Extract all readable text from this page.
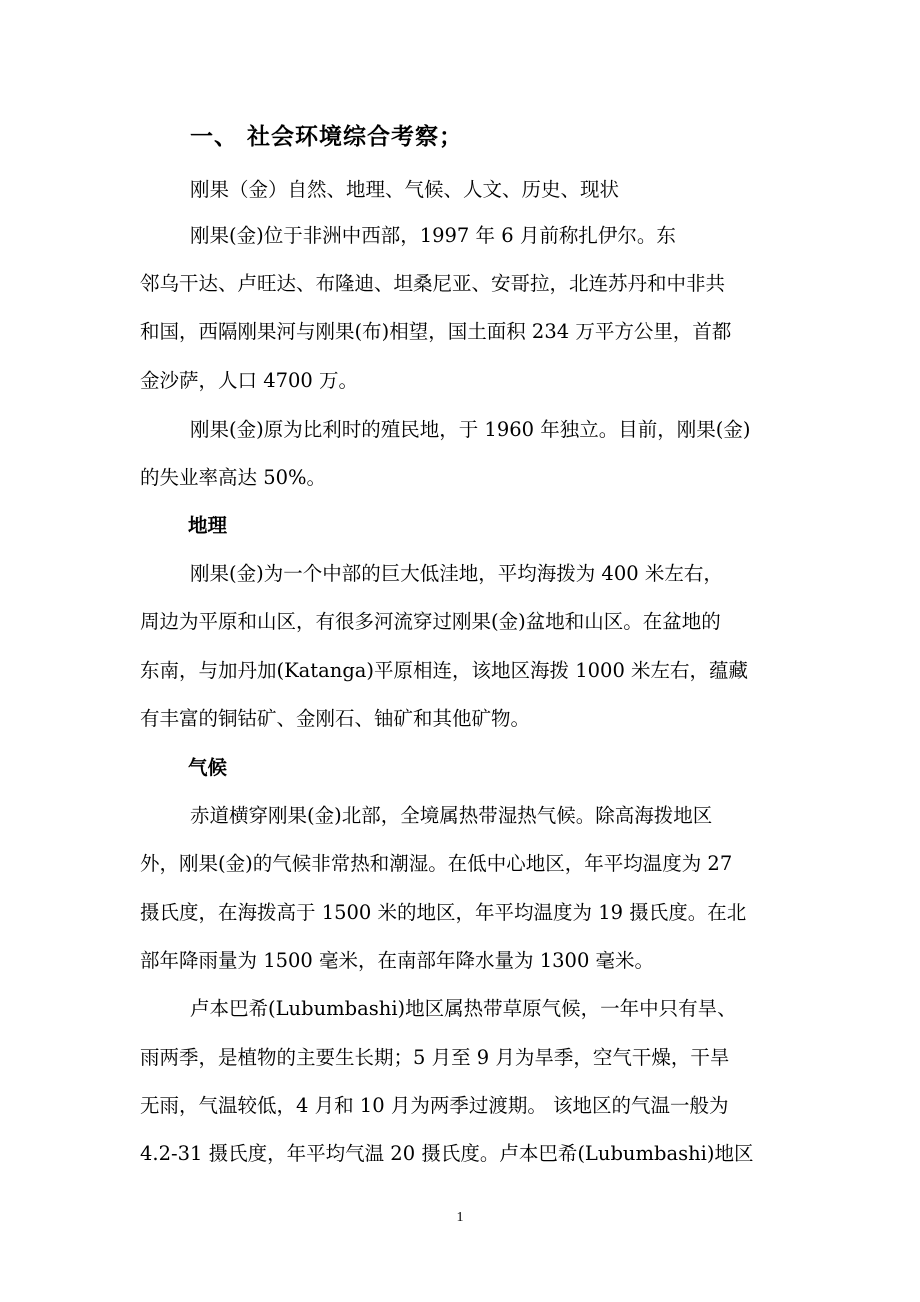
一、 社会环境综合考察；

刚果（金）自然、地理、气候、人文、历史、现状

刚果(金)位于非洲中西部，1997 年 6 月前称扎伊尔。东

邻乌干达、卢旺达、布隆迪、坦桑尼亚、安哥拉，北连苏丹和中非共

和国，西隔刚果河与刚果(布)相望，国土面积 234 万平方公里，首都

金沙萨，人口 4700 万。

刚果(金)原为比利时的殖民地，于 1960 年独立。目前，刚果(金)

的失业率高达 50%。

地理

刚果(金)为一个中部的巨大低洼地，平均海拨为 400 米左右，

周边为平原和山区，有很多河流穿过刚果(金)盆地和山区。在盆地的

东南，与加丹加(Katanga)平原相连，该地区海拨 1000 米左右，蕴藏

有丰富的铜钴矿、金刚石、铀矿和其他矿物。

气候

赤道横穿刚果(金)北部，全境属热带湿热气候。除高海拨地区

外，刚果(金)的气候非常热和潮湿。在低中心地区，年平均温度为 27

摄氏度，在海拨高于 1500 米的地区，年平均温度为 19 摄氏度。在北

部年降雨量为 1500 毫米，在南部年降水量为 1300 毫米。

卢本巴希(Lubumbashi)地区属热带草原气候，一年中只有旱、

雨两季，是植物的主要生长期；5 月至 9 月为旱季，空气干燥，干旱

无雨，气温较低，4 月和 10 月为两季过渡期。 该地区的气温一般为

4.2-31 摄氏度，年平均气温 20 摄氏度。卢本巴希(Lubumbashi)地区

1
